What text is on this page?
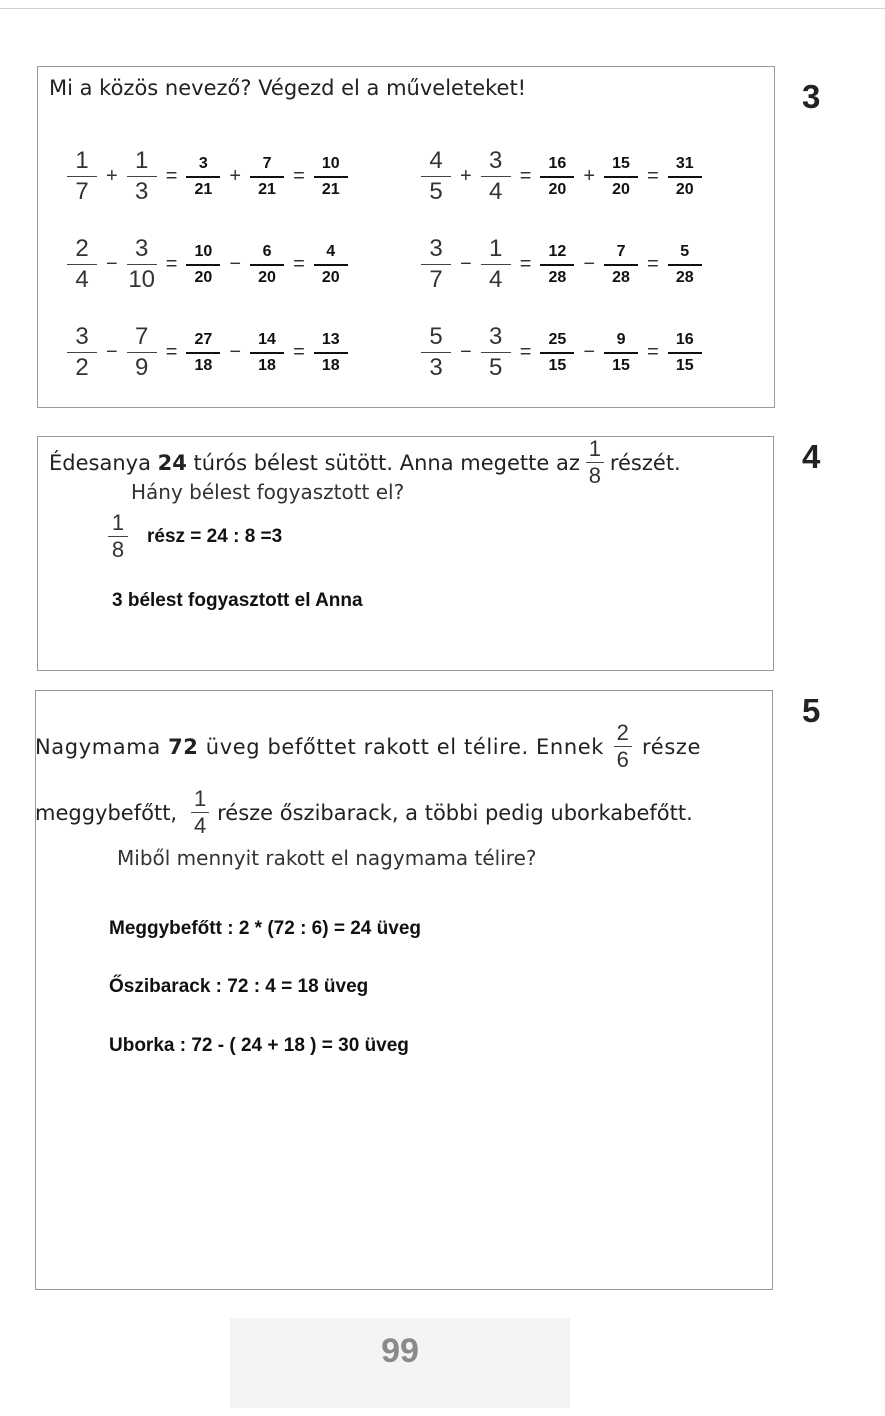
3
Mi a közös nevező? Végezd el a műveleteket!
$\frac{1}{7} + \frac{1}{3} = \frac{3}{21} + \frac{7}{21} = \frac{10}{21}$	$\frac{4}{5} + \frac{3}{4} = \frac{16}{20} + \frac{15}{20} = \frac{31}{20}$
$\frac{2}{4} - \frac{3}{10} = \frac{10}{20} - \frac{6}{20} = \frac{4}{20}$	$\frac{3}{7} - \frac{1}{4} = \frac{12}{28} - \frac{7}{28} = \frac{5}{28}$
$\frac{3}{2} - \frac{7}{9} = \frac{27}{18} - \frac{14}{18} = \frac{13}{18}$	$\frac{5}{3} - \frac{3}{5} = \frac{25}{15} - \frac{9}{15} = \frac{16}{15}$
4
Édesanya
24
túrós bélest sütött. Anna megette az
1
8
részét.
Hány bélest fogyasztott el?
$\frac{1}{8}$ rész = 24 : 8 =3
3 bélest fogyasztott el Anna
5
Nagymama
72
üveg befőttet rakott el télire. Ennek
2
6
része
meggybefőtt,
1
4
része őszibarack, a többi pedig uborkabefőtt.
Miből mennyit rakott el nagymama télire?
Meggybefőtt : 2 * (72 : 6) = 24 üveg
Őszibarack : 72 : 4 = 18 üveg
Uborka : 72 - ( 24 + 18 ) = 30 üveg
99
